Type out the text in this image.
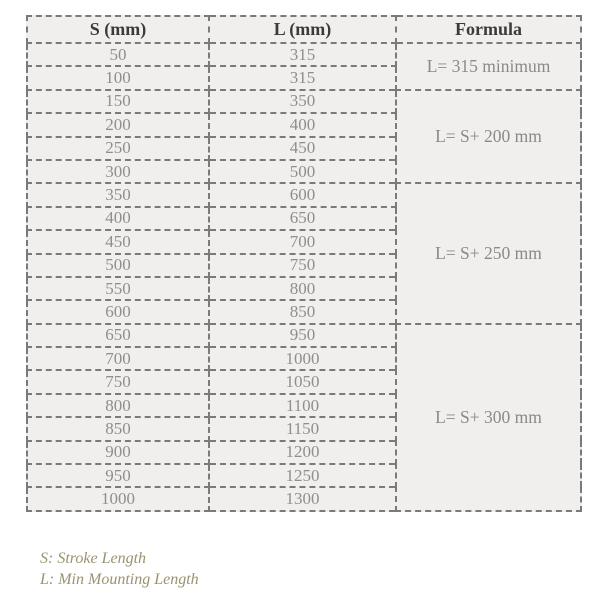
S (mm)	L (mm)	Formula
50	315	L= 315 minimum
100	315	
150	350	L= S+ 200 mm
200	400	
250	450	
300	500	
350	600	L= S+ 250 mm
400	650	
450	700	
500	750	
550	800	
600	850	
650	950	L= S+ 300 mm
700	1000	
750	1050	
800	1100	
850	1150	
900	1200	
950	1250	
1000	1300	
S: Stroke Length
L: Min Mounting Length
